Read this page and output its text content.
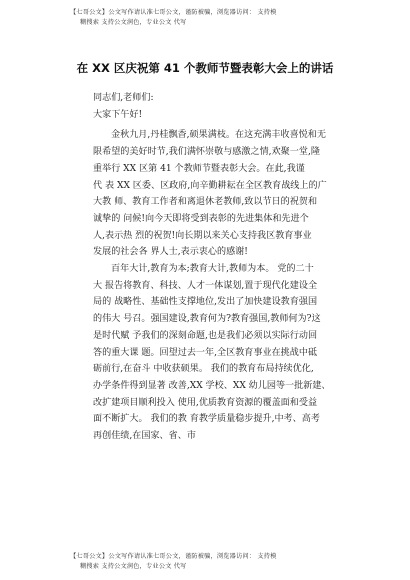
【七哥公文】公文写作请认准七哥公文，谨防被骗，浏览器访问： 支持模
糊搜索 支持公文润色，专业公文 代写
在 XX 区庆祝第 41 个教师节暨表彰大会上的讲话
同志们,老师们:
大家下午好!
金秋九月,丹桂飘香,硕果满枝。在这充满丰收喜悦和无
限希望的美好时节,我们满怀崇敬与感激之情,欢聚一堂,隆
重举行 XX 区第 41 个教师节暨表彰大会。在此,我谨
代 表 XX 区委、区政府,向辛勤耕耘在全区教育战线上的广
大教 师、教育工作者和离退休老教师,致以节日的祝贺和
诚挚的 问候!向今天即将受到表彰的先进集体和先进个
人,表示热 烈的祝贺!向长期以来关心支持我区教育事业
发展的社会各 界人士,表示衷心的感谢!
百年大计,教育为本;教育大计,教师为本。 党的二十
大 报告将教育、科技、人才一体谋划,置于现代化建设全
局的 战略性、基础性支撑地位,发出了加快建设教育强国
的伟大 号召。强国建设,教育何为?教育强国,教师何为?这
是时代赋 予我们的深刻命题,也是我们必须以实际行动回
答的重大课 题。回望过去一年,全区教育事业在挑战中砥
砺前行,在奋斗 中收获硕果。 我们的教育布局持续优化,
办学条件得到显著 改善,XX 学校、XX 幼儿园等一批新建、
改扩建项目顺利投入 使用,优质教育资源的覆盖面和受益
面不断扩大。 我们的教 育教学质量稳步提升,中考、高考
再创佳绩,在国家、省、市
【七哥公文】公文写作请认准七哥公文，谨防被骗，浏览器访问： 支持模
糊搜索 支持公文润色，专业公文 代写
